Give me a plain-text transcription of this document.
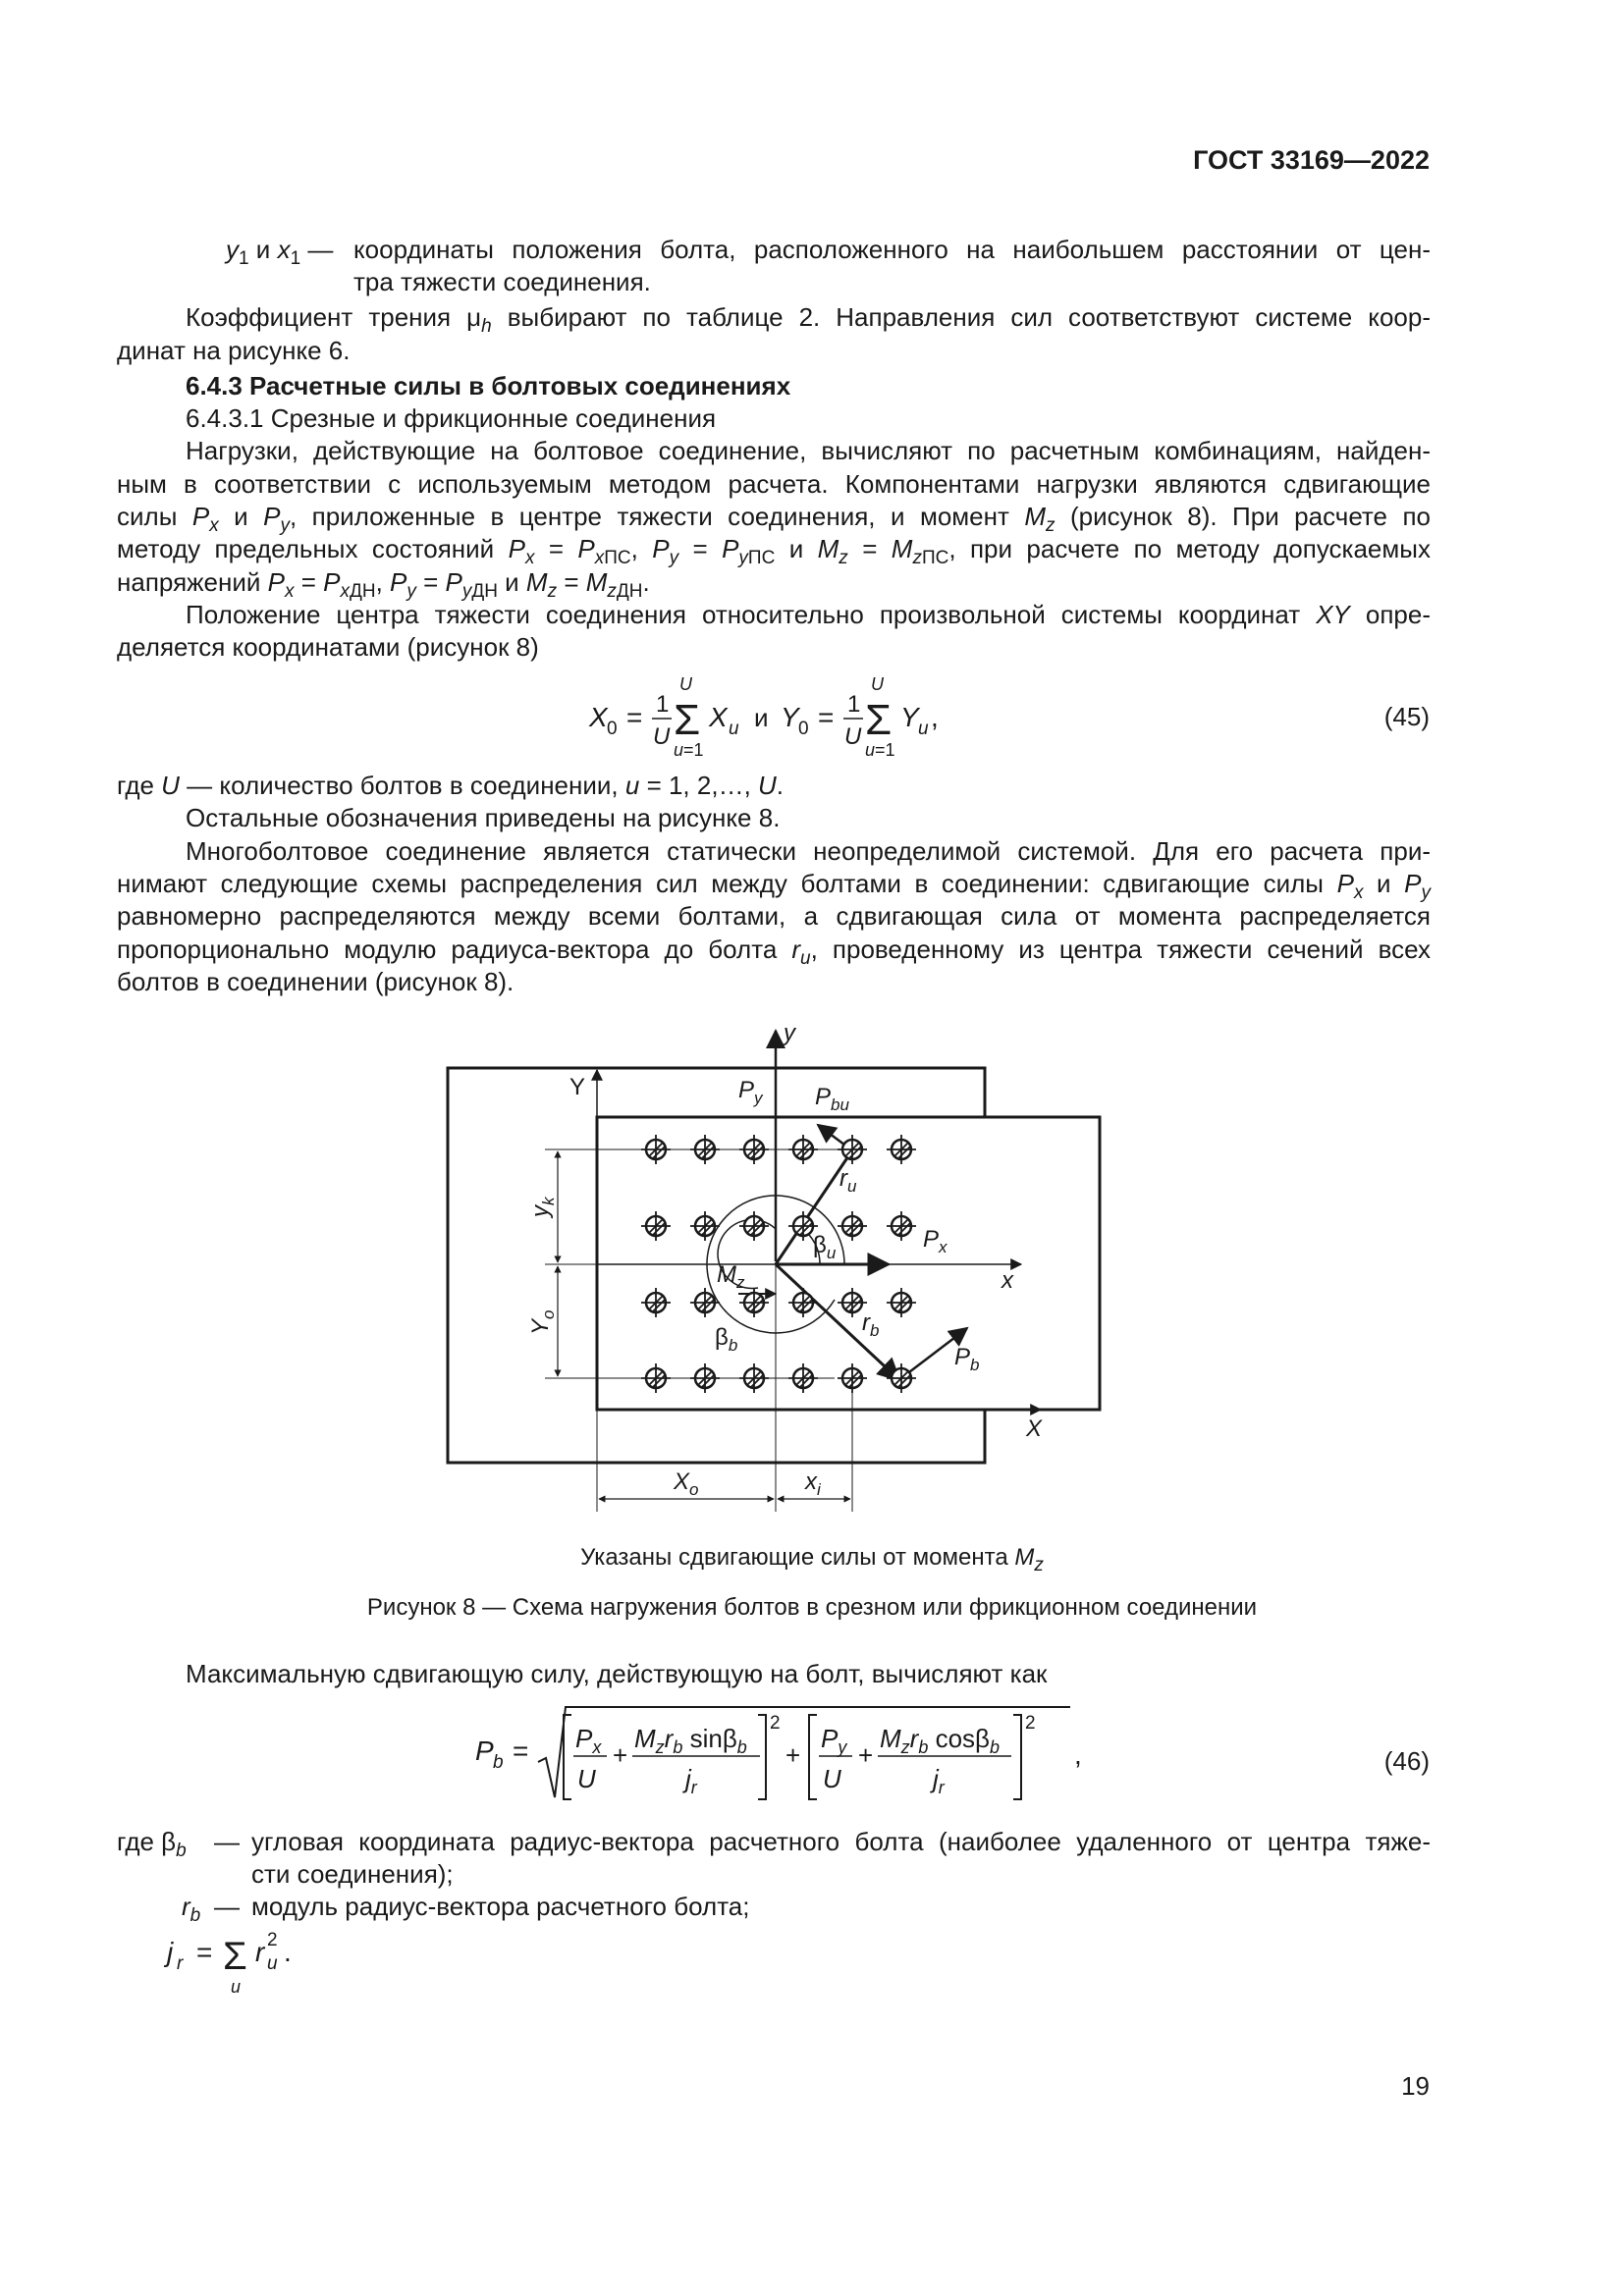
ГОСТ 33169—2022
$y_1$ и $x_1$ — координаты положения болта, расположенного на наибольшем расстоянии от цен-
тра тяжести соединения.
Коэффициент трения $\mu_h$ выбирают по таблице 2. Направления сил соответствуют системе коор-
динат на рисунке 6.
6.4.3 Расчетные силы в болтовых соединениях
6.4.3.1 Срезные и фрикционные соединения
Нагрузки, действующие на болтовое соединение, вычисляют по расчетным комбинациям, найден-
ным в соответствии с используемым методом расчета. Компонентами нагрузки являются сдвигающие
силы $P_x$ и $P_y$, приложенные в центре тяжести соединения, и момент $M_z$ (рисунок 8). При расчете по
методу предельных состояний $P_x = P_{xПС}$, $P_y = P_{yПС}$ и $M_z = M_{zПС}$, при расчете по методу допускаемых
напряжений $P_x = P_{xДН}$, $P_y = P_{yДН}$ и $M_z = M_{zДН}$.
Положение центра тяжести соединения относительно произвольной системы координат XY опре-
деляется координатами (рисунок 8)
X 0 = 1
U
U
Σ
u=1
X u и Y 0 = 1
U
U
Σ
u=1
Y u ,	(45)
где U — количество болтов в соединении, u = 1, 2,…, U.
Остальные обозначения приведены на рисунке 8.
Многоболтовое соединение является статически неопределимой системой. Для его расчета при-
нимают следующие схемы распределения сил между болтами в соединении: сдвигающие силы $P_x$ и $P_y$
равномерно распределяются между всеми болтами, а сдвигающая сила от момента распределяется
пропорционально модулю радиуса-вектора до болта $r_u$, проведенному из центра тяжести сечений всех
болтов в соединении (рисунок 8).
y
Y	$P_y$ $P_{bu}$
$r_u$
$P_x$
x
$M_z$
$\beta_u$
$r_b$
$P_b$
$\beta_b$
X
$X_o$	$x_i$
$y_k$
$Y_o$
Указаны сдвигающие силы от момента $M_z$
Рисунок 8 — Схема нагружения болтов в срезном или фрикционном соединении
Максимальную сдвигающую силу, действующую на болт, вычисляют как
P $b = P_x$
U
+
$M_zr_b$ sinβ$_b$
$j_r$
2
+
$P_y$
U
+
$M_zr_b$ cosβ$_b$
$j_r$
2
,	(46)
где $\beta_b$ — угловая координата радиус-вектора расчетного болта (наиболее удаленного от центра тяже-
сти соединения);
$r_b$ — модуль радиус-вектора расчетного болта;
j r = Σ
u
r u
2 .
19
